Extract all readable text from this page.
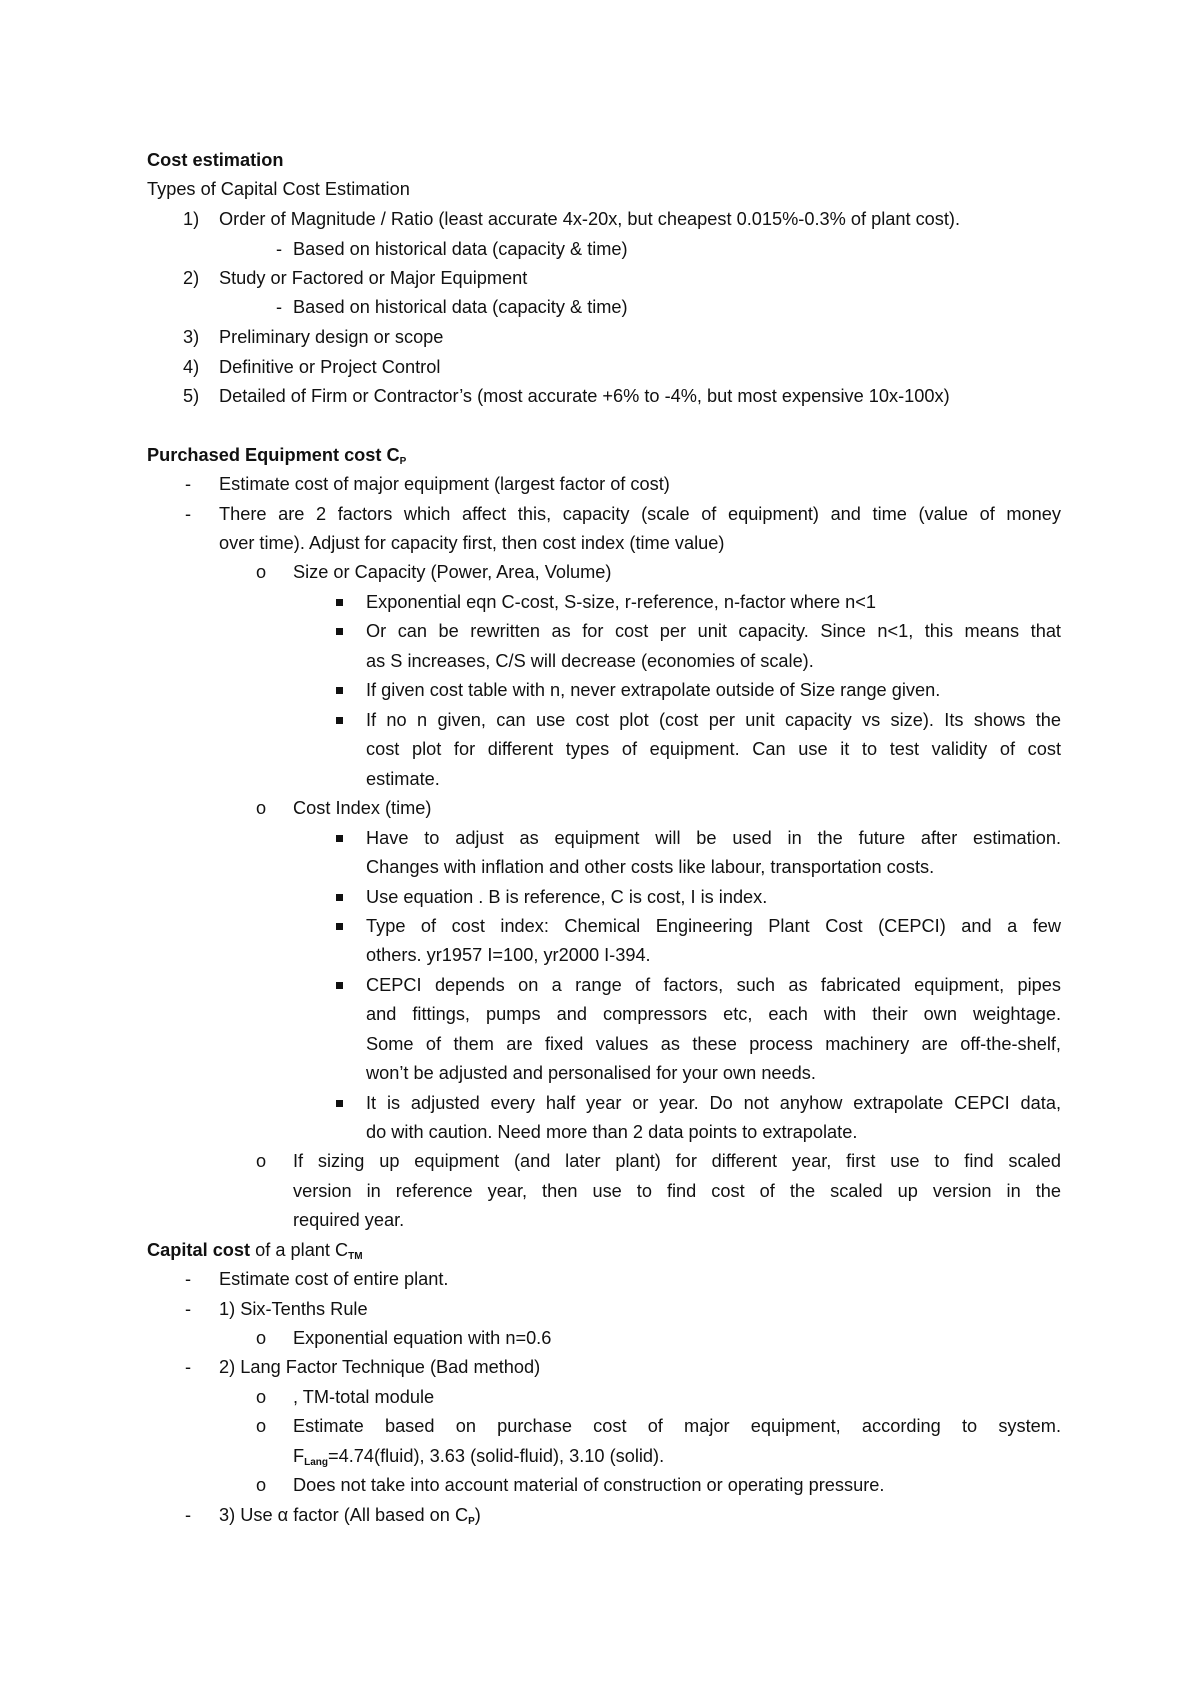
Cost estimation
Types of Capital Cost Estimation
1) Order of Magnitude / Ratio (least accurate 4x-20x, but cheapest 0.015%-0.3% of plant cost).
- Based on historical data (capacity & time)
2) Study or Factored or Major Equipment
- Based on historical data (capacity & time)
3) Preliminary design or scope
4) Definitive or Project Control
5) Detailed of Firm or Contractor’s (most accurate +6% to -4%, but most expensive 10x-100x)
Purchased Equipment cost $C_P$
- Estimate cost of major equipment (largest factor of cost)
- There are 2 factors which affect this, capacity (scale of equipment) and time (value of money
over time). Adjust for capacity first, then cost index (time value)
o Size or Capacity (Power, Area, Volume)
Exponential eqn C-cost, S-size, r-reference, n-factor where n<1
Or can be rewritten as for cost per unit capacity. Since n<1, this means that
as S increases, C/S will decrease (economies of scale).
If given cost table with n, never extrapolate outside of Size range given.
If no n given, can use cost plot (cost per unit capacity vs size). Its shows the
cost plot for different types of equipment. Can use it to test validity of cost
estimate.
o Cost Index (time)
Have to adjust as equipment will be used in the future after estimation.
Changes with inflation and other costs like labour, transportation costs.
Use equation . B is reference, C is cost, I is index.
Type of cost index: Chemical Engineering Plant Cost (CEPCI) and a few
others. yr1957 I=100, yr2000 I-394.
CEPCI depends on a range of factors, such as fabricated equipment, pipes
and fittings, pumps and compressors etc, each with their own weightage.
Some of them are fixed values as these process machinery are off-the-shelf,
won’t be adjusted and personalised for your own needs.
It is adjusted every half year or year. Do not anyhow extrapolate CEPCI data,
do with caution. Need more than 2 data points to extrapolate.
o If sizing up equipment (and later plant) for different year, first use to find scaled
version in reference year, then use to find cost of the scaled up version in the
required year.
Capital cost of a plant $C_{TM}$
- Estimate cost of entire plant.
- 1) Six-Tenths Rule
o Exponential equation with n=0.6
- 2) Lang Factor Technique (Bad method)
o , TM-total module
o Estimate based on purchase cost of major equipment, according to system.
$F_{Lang}=4.74(fluid)$, 3.63 (solid-fluid), 3.10 (solid).
o Does not take into account material of construction or operating pressure.
- 3) Use α factor (All based on $C_P$)
